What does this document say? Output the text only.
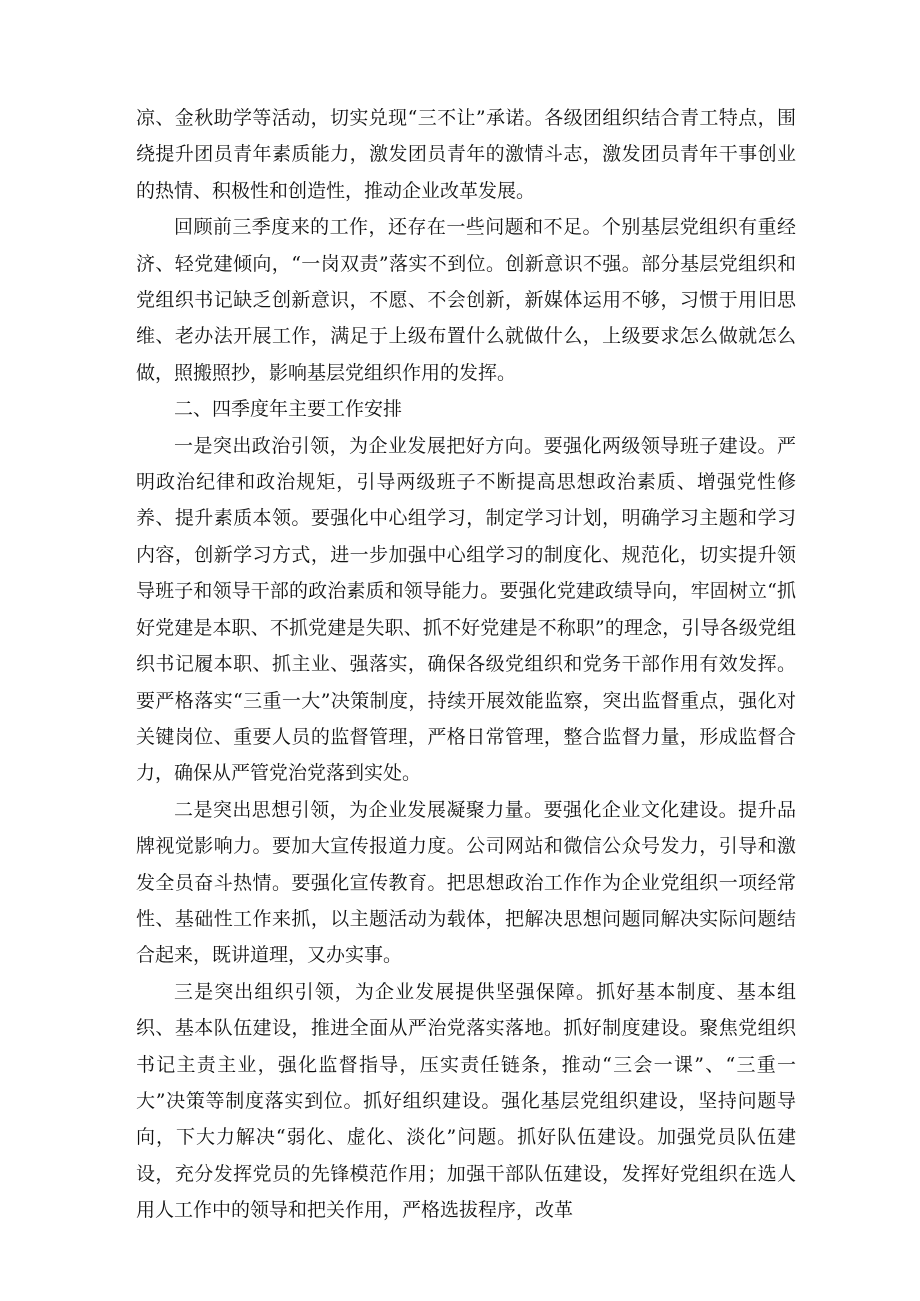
凉、金秋助学等活动，切实兑现“三不让”承诺。各级团组织结合青工特点，围绕提升团员青年素质能力，激发团员青年的激情斗志，激发团员青年干事创业的热情、积极性和创造性，推动企业改革发展。

回顾前三季度来的工作，还存在一些问题和不足。个别基层党组织有重经济、轻党建倾向，“一岗双责”落实不到位。创新意识不强。部分基层党组织和党组织书记缺乏创新意识，不愿、不会创新，新媒体运用不够，习惯于用旧思维、老办法开展工作，满足于上级布置什么就做什么，上级要求怎么做就怎么做，照搬照抄，影响基层党组织作用的发挥。

二、四季度年主要工作安排

一是突出政治引领，为企业发展把好方向。要强化两级领导班子建设。严明政治纪律和政治规矩，引导两级班子不断提高思想政治素质、增强党性修养、提升素质本领。要强化中心组学习，制定学习计划，明确学习主题和学习内容，创新学习方式，进一步加强中心组学习的制度化、规范化，切实提升领导班子和领导干部的政治素质和领导能力。要强化党建政绩导向，牢固树立“抓好党建是本职、不抓党建是失职、抓不好党建是不称职”的理念，引导各级党组织书记履本职、抓主业、强落实，确保各级党组织和党务干部作用有效发挥。要严格落实“三重一大”决策制度，持续开展效能监察，突出监督重点，强化对关键岗位、重要人员的监督管理，严格日常管理，整合监督力量，形成监督合力，确保从严管党治党落到实处。

二是突出思想引领，为企业发展凝聚力量。要强化企业文化建设。提升品牌视觉影响力。要加大宣传报道力度。公司网站和微信公众号发力，引导和激发全员奋斗热情。要强化宣传教育。把思想政治工作作为企业党组织一项经常性、基础性工作来抓，以主题活动为载体，把解决思想问题同解决实际问题结合起来，既讲道理，又办实事。

三是突出组织引领，为企业发展提供坚强保障。抓好基本制度、基本组织、基本队伍建设，推进全面从严治党落实落地。抓好制度建设。聚焦党组织书记主责主业，强化监督指导，压实责任链条，推动“三会一课”、“三重一大”决策等制度落实到位。抓好组织建设。强化基层党组织建设，坚持问题导向，下大力解决“弱化、虚化、淡化”问题。抓好队伍建设。加强党员队伍建设，充分发挥党员的先锋模范作用；加强干部队伍建设，发挥好党组织在选人用人工作中的领导和把关作用，严格选拔程序，改革
